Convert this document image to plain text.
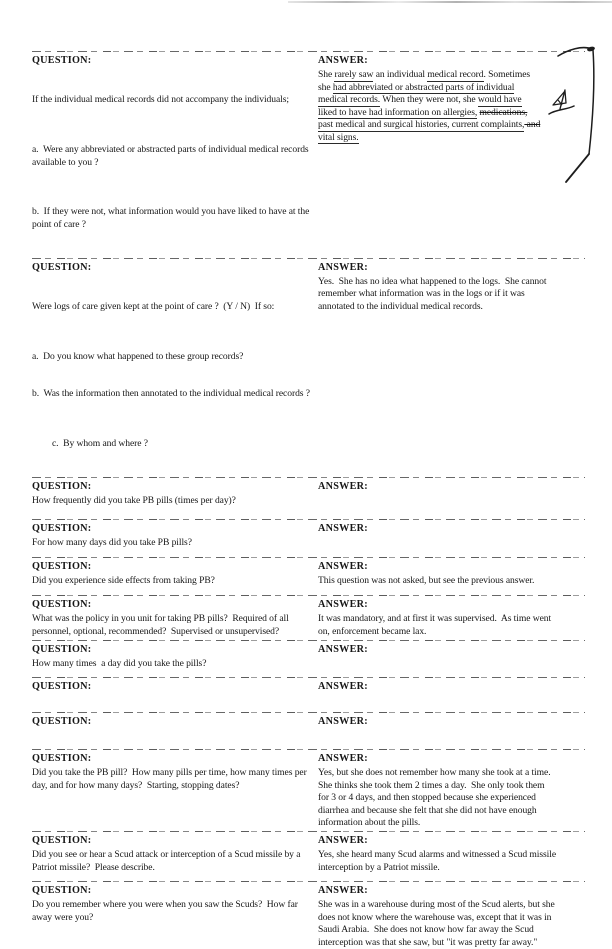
QUESTION:

If the individual medical records did not accompany the individuals;

a.  Were any abbreviated or abstracted parts of individual medical records available to you ?

b.  If they were not, what information would you have liked to have at the point of care ?

ANSWER:
She rarely saw an individual medical record. Sometimes
she had abbreviated or abstracted parts of individual
medical records. When they were not, she would have
liked to have had information on allergies, medications,
past medical and surgical histories, current complaints, and
vital signs.
QUESTION:

Were logs of care given kept at the point of care ?  (Y / N)  If so:

a.  Do you know what happened to these group records?

b.  Was the information then annotated to the individual medical records ?

c.  By whom and where ?

ANSWER:
Yes.  She has no idea what happened to the logs.  She cannot remember what information was in the logs or if it was annotated to the individual medical records.
QUESTION:
How frequently did you take PB pills (times per day)?
ANSWER:
QUESTION:
For how many days did you take PB pills?
ANSWER:
QUESTION:
Did you experience side effects from taking PB?
ANSWER:
This question was not asked, but see the previous answer.
QUESTION:
What was the policy in you unit for taking PB pills?  Required of all personnel, optional, recommended?  Supervised or unsupervised?
ANSWER:
It was mandatory, and at first it was supervised.  As time went on, enforcement became lax.
QUESTION:
How many times  a day did you take the pills?
ANSWER:
QUESTION:	ANSWER:
QUESTION:	ANSWER:
QUESTION:
Did you take the PB pill?  How many pills per time, how many times per day, and for how many days?  Starting, stopping dates?
ANSWER:
Yes, but she does not remember how many she took at a time.  She thinks she took them 2 times a day.  She only took them for 3 or 4 days, and then stopped because she experienced diarrhea and because she felt that she did not have enough information about the pills.
QUESTION:
Did you see or hear a Scud attack or interception of a Scud missile by a Patriot missile?  Please describe.
ANSWER:
Yes, she heard many Scud alarms and witnessed a Scud missile interception by a Patriot missile.
QUESTION:
Do you remember where you were when you saw the Scuds?  How far away were you?
ANSWER:
She was in a warehouse during most of the Scud alerts, but she does not know where the warehouse was, except that it was in Saudi Arabia.  She does not know how far away the Scud interception was that she saw, but "it was pretty far away."
